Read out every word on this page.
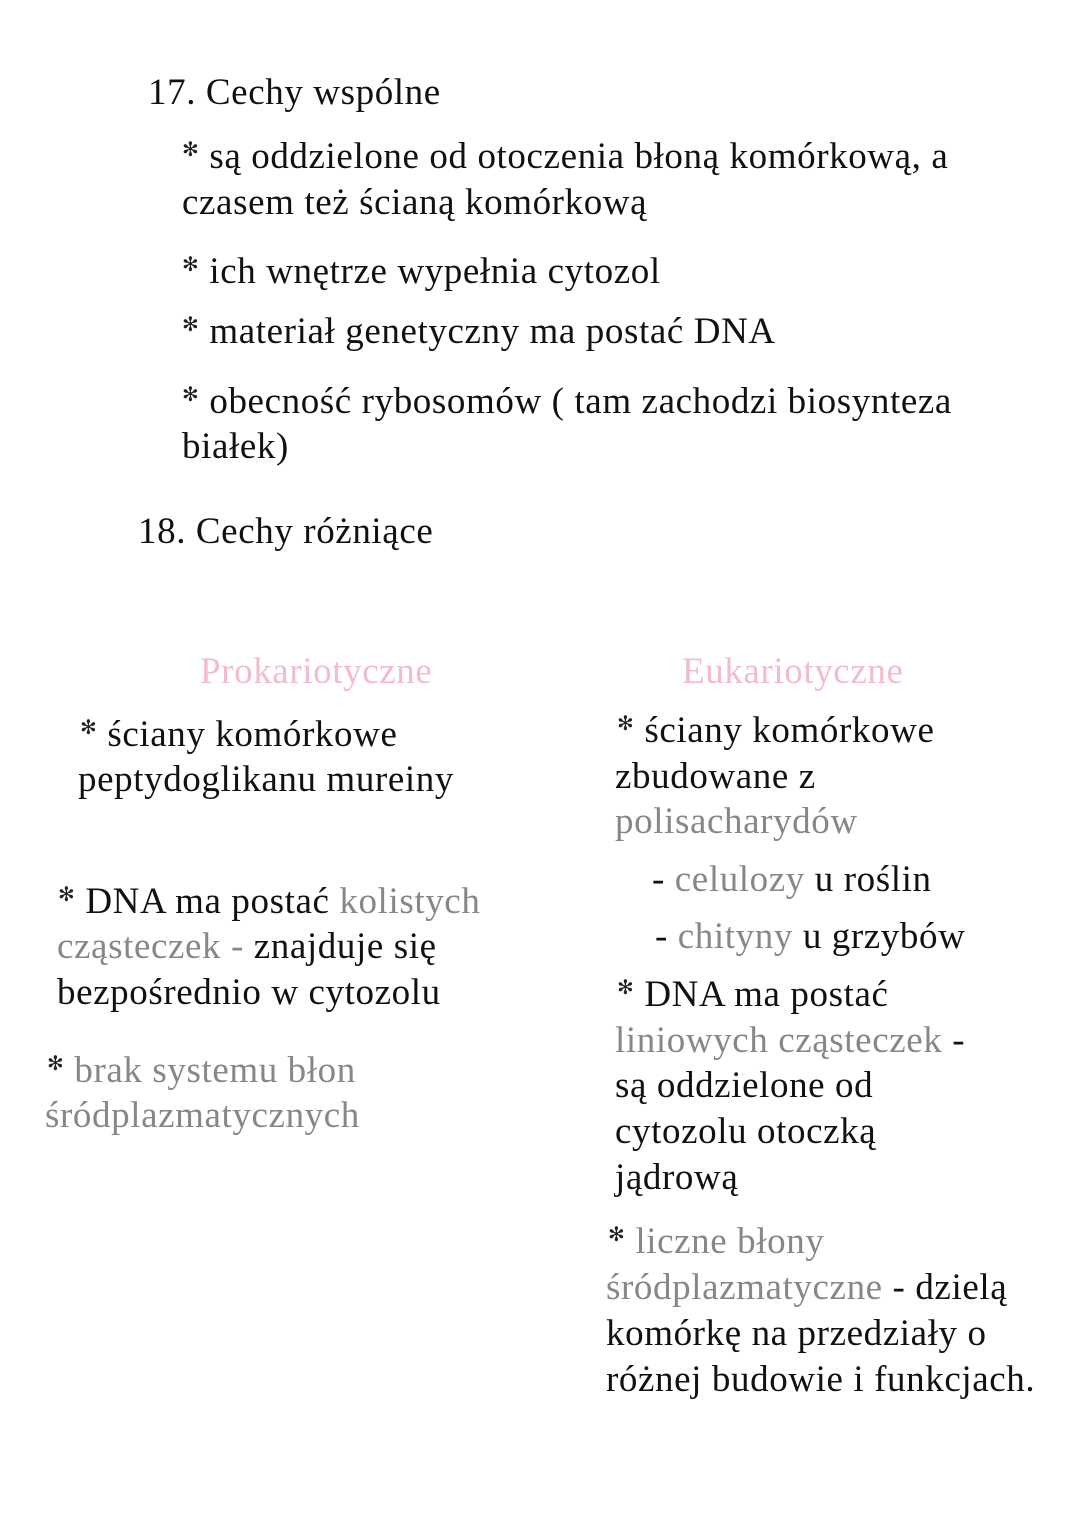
17. Cechy wspólne
✻ są oddzielone od otoczenia błoną komórkową, a
czasem też ścianą komórkową
✻ ich wnętrze wypełnia cytozol
✻ materiał genetyczny ma postać DNA
✻ obecność rybosomów ( tam zachodzi biosynteza
białek)
18. Cechy różniące
Prokariotyczne
✻ ściany komórkowe
peptydoglikanu mureiny
✻ DNA ma postać kolistych
cząsteczek - znajduje się
bezpośrednio w cytozolu
✻ brak systemu błon
śródplazmatycznych
Eukariotyczne
✻ ściany komórkowe
zbudowane z
polisacharydów
- celulozy u roślin
- chityny u grzybów
✻ DNA ma postać
liniowych cząsteczek -
są oddzielone od
cytozolu otoczką
jądrową
✻ liczne błony
śródplazmatyczne - dzielą
komórkę na przedziały o
różnej budowie i funkcjach.
